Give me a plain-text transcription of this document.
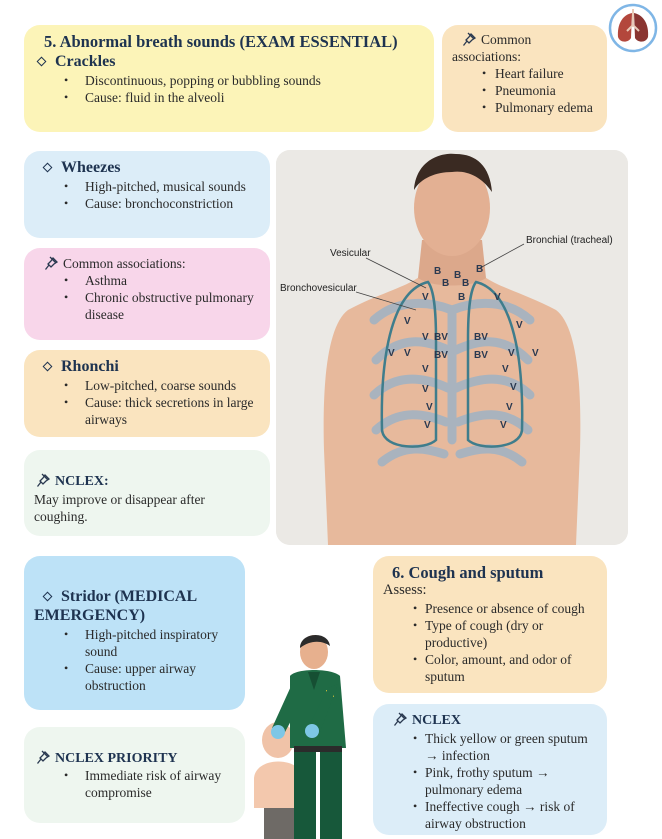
5. Abnormal breath sounds (EXAM ESSENTIAL)
Crackles
• Discontinuous, popping or bubbling sounds
• Cause: fluid in the alveoli
Common associations:
• Heart failure
• Pneumonia
• Pulmonary edema
Wheezes
• High-pitched, musical sounds
• Cause: bronchoconstriction
Common associations:
• Asthma
• Chronic obstructive pulmonary disease
Rhonchi
• Low-pitched, coarse sounds
• Cause: thick secretions in large airways
NCLEX:
May improve or disappear after coughing.
Vesicular
Bronchial (tracheal)
Bronchovesicular
B B
B
B B
B
BV	BV
BV	BV
V	V
V	V
V
V V	V V
V	V
V	V
V	V
V	V
Stridor (MEDICAL EMERGENCY)
• High-pitched inspiratory sound
• Cause: upper airway obstruction
NCLEX PRIORITY
• Immediate risk of airway compromise
6. Cough and sputum
Assess:
• Presence or absence of cough
• Type of cough (dry or productive)
• Color, amount, and odor of sputum
NCLEX
• Thick yellow or green sputum → infection
• Pink, frothy sputum → pulmonary edema
• Ineffective cough → risk of airway obstruction
